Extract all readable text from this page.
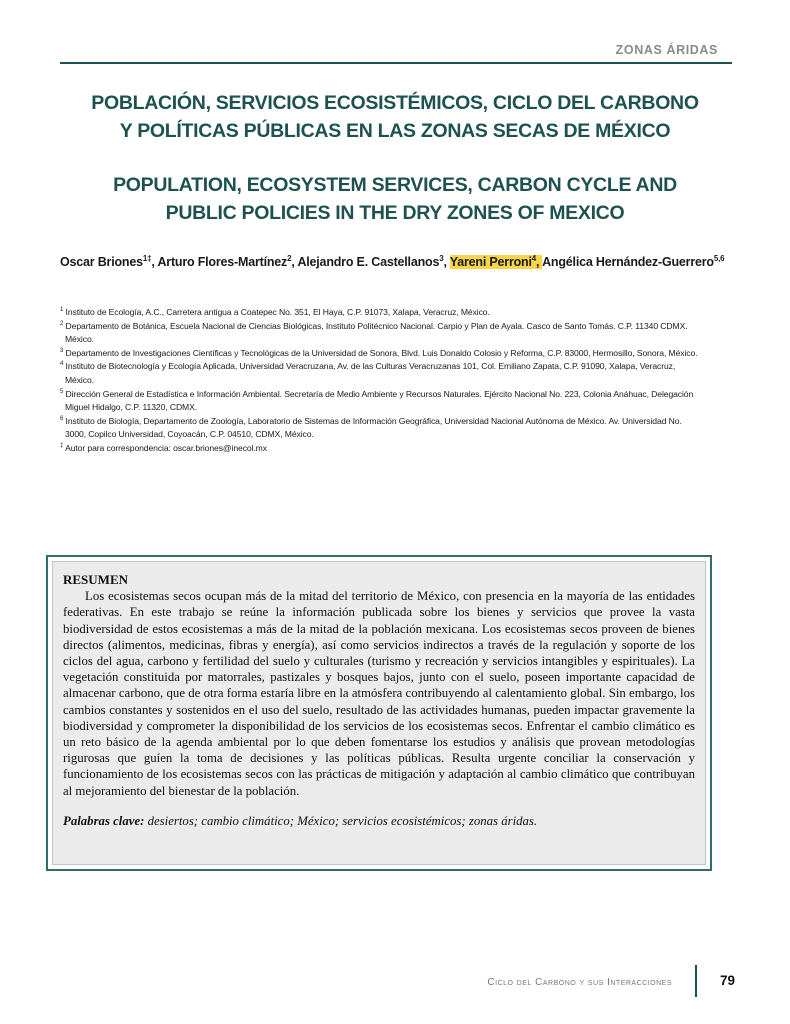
ZONAS ÁRIDAS
POBLACIÓN, SERVICIOS ECOSISTÉMICOS, CICLO DEL CARBONO
Y POLÍTICAS PÚBLICAS EN LAS ZONAS SECAS DE MÉXICO
POPULATION, ECOSYSTEM SERVICES, CARBON CYCLE AND
PUBLIC POLICIES IN THE DRY ZONES OF MEXICO
Oscar Briones$^{1\ddagger}$, Arturo Flores-Martínez$^2$, Alejandro E. Castellanos$^3$, Yareni Perroni$^4$, Angélica Hernández-Guerrero$^{5,6}$
$^1$ Instituto de Ecología, A.C., Carretera antigua a Coatepec No. 351, El Haya, C.P. 91073, Xalapa, Veracruz, México.
$^2$ Departamento de Botánica, Escuela Nacional de Ciencias Biológicas, Instituto Politécnico Nacional. Carpio y Plan de Ayala. Casco de Santo Tomás. C.P. 11340 CDMX. México.
$^3$ Departamento de Investigaciones Científicas y Tecnológicas de la Universidad de Sonora, Blvd. Luis Donaldo Colosio y Reforma, C.P. 83000, Hermosillo, Sonora, México.
$^4$ Instituto de Biotecnología y Ecología Aplicada, Universidad Veracruzana, Av. de las Culturas Veracruzanas 101, Col. Emiliano Zapata, C.P. 91090, Xalapa, Veracruz, México.
$^5$ Dirección General de Estadística e Información Ambiental. Secretaría de Medio Ambiente y Recursos Naturales. Ejército Nacional No. 223, Colonia Anáhuac, Delegación Miguel Hidalgo, C.P. 11320, CDMX.
$^6$ Instituto de Biología, Departamento de Zoología, Laboratorio de Sistemas de Información Geográfica, Universidad Nacional Autónoma de México. Av. Universidad No. 3000, Copilco Universidad, Coyoacán, C.P. 04510, CDMX, México.
‡ Autor para correspondencia: oscar.briones@inecol.mx
RESUMEN

Los ecosistemas secos ocupan más de la mitad del territorio de México, con presencia en la mayoría de las entidades federativas. En este trabajo se reúne la información publicada sobre los bienes y servicios que provee la vasta biodiversidad de estos ecosistemas a más de la mitad de la población mexicana. Los ecosistemas secos proveen de bienes directos (alimentos, medicinas, fibras y energía), así como servicios indirectos a través de la regulación y soporte de los ciclos del agua, carbono y fertilidad del suelo y culturales (turismo y recreación y servicios intangibles y espirituales). La vegetación constituida por matorrales, pastizales y bosques bajos, junto con el suelo, poseen importante capacidad de almacenar carbono, que de otra forma estaría libre en la atmósfera contribuyendo al calentamiento global. Sin embargo, los cambios constantes y sostenidos en el uso del suelo, resultado de las actividades humanas, pueden impactar gravemente la biodiversidad y comprometer la disponibilidad de los servicios de los ecosistemas secos. Enfrentar el cambio climático es un reto básico de la agenda ambiental por lo que deben fomentarse los estudios y análisis que provean metodologías rigurosas que guíen la toma de decisiones y las políticas públicas. Resulta urgente conciliar la conservación y funcionamiento de los ecosistemas secos con las prácticas de mitigación y adaptación al cambio climático que contribuyan al mejoramiento del bienestar de la población.

Palabras clave: desiertos; cambio climático; México; servicios ecosistémicos; zonas áridas.
Ciclo del Carbono y sus Interacciones	79
